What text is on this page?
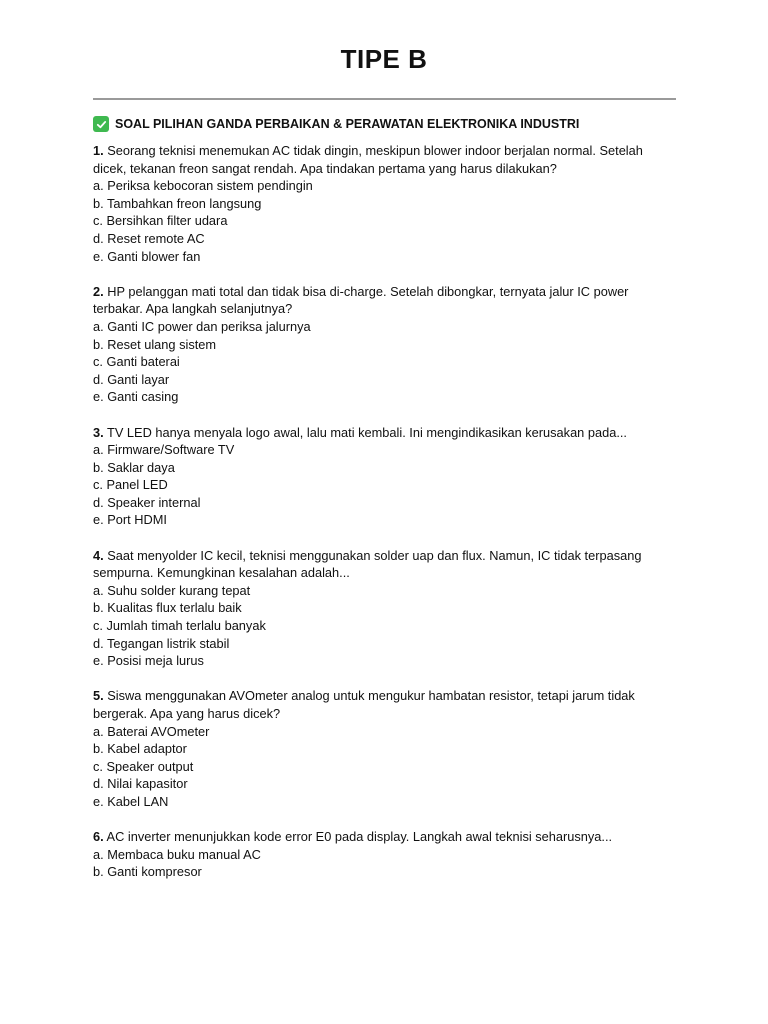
TIPE B
SOAL PILIHAN GANDA PERBAIKAN & PERAWATAN ELEKTRONIKA INDUSTRI
1. Seorang teknisi menemukan AC tidak dingin, meskipun blower indoor berjalan normal. Setelah dicek, tekanan freon sangat rendah. Apa tindakan pertama yang harus dilakukan?
a. Periksa kebocoran sistem pendingin
b. Tambahkan freon langsung
c. Bersihkan filter udara
d. Reset remote AC
e. Ganti blower fan
2. HP pelanggan mati total dan tidak bisa di-charge. Setelah dibongkar, ternyata jalur IC power terbakar. Apa langkah selanjutnya?
a. Ganti IC power dan periksa jalurnya
b. Reset ulang sistem
c. Ganti baterai
d. Ganti layar
e. Ganti casing
3. TV LED hanya menyala logo awal, lalu mati kembali. Ini mengindikasikan kerusakan pada...
a. Firmware/Software TV
b. Saklar daya
c. Panel LED
d. Speaker internal
e. Port HDMI
4. Saat menyolder IC kecil, teknisi menggunakan solder uap dan flux. Namun, IC tidak terpasang sempurna. Kemungkinan kesalahan adalah...
a. Suhu solder kurang tepat
b. Kualitas flux terlalu baik
c. Jumlah timah terlalu banyak
d. Tegangan listrik stabil
e. Posisi meja lurus
5. Siswa menggunakan AVOmeter analog untuk mengukur hambatan resistor, tetapi jarum tidak bergerak. Apa yang harus dicek?
a. Baterai AVOmeter
b. Kabel adaptor
c. Speaker output
d. Nilai kapasitor
e. Kabel LAN
6. AC inverter menunjukkan kode error E0 pada display. Langkah awal teknisi seharusnya...
a. Membaca buku manual AC
b. Ganti kompresor
